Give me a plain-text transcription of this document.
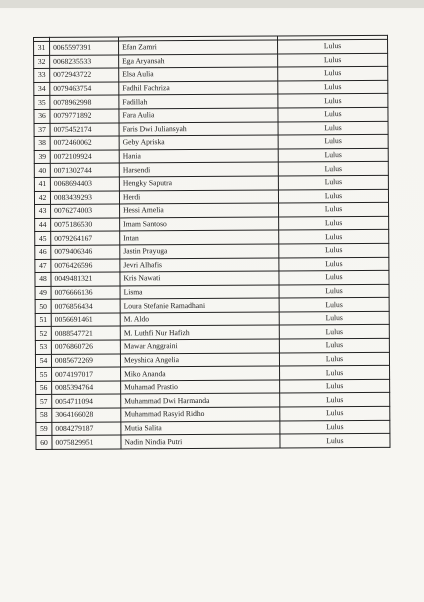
31	0065597391	Efan Zamri	Lulus
32	0068235533	Ega Aryansah	Lulus
33	0072943722	Elsa Aulia	Lulus
34	0079463754	Fadhil Fachriza	Lulus
35	0078962998	Fadillah	Lulus
36	0079771892	Fara Aulia	Lulus
37	0075452174	Faris Dwi Juliansyah	Lulus
38	0072460062	Geby Apriska	Lulus
39	0072109924	Hania	Lulus
40	0071302744	Harsendi	Lulus
41	0068694403	Hengky Saputra	Lulus
42	0083439293	Herdi	Lulus
43	0076274003	Hessi Amelia	Lulus
44	0075186530	Imam Santoso	Lulus
45	0079264167	Intan	Lulus
46	0079406346	Jastin Prayuga	Lulus
47	0076426596	Jevri Alhafis	Lulus
48	0049481321	Kris Nawati	Lulus
49	0076666136	Lisma	Lulus
50	0076856434	Loura Stefanie Ramadhani	Lulus
51	0056691461	M. Aldo	Lulus
52	0088547721	M. Luthfi Nur Hafizh	Lulus
53	0076860726	Mawar Anggraini	Lulus
54	0085672269	Meyshica Angelia	Lulus
55	0074197017	Miko Ananda	Lulus
56	0085394764	Muhamad Prastio	Lulus
57	0054711094	Muhammad Dwi Harmanda	Lulus
58	3064166028	Muhammad Rasyid Ridho	Lulus
59	0084279187	Mutia Salita	Lulus
60	0075829951	Nadin Nindia Putri	Lulus
